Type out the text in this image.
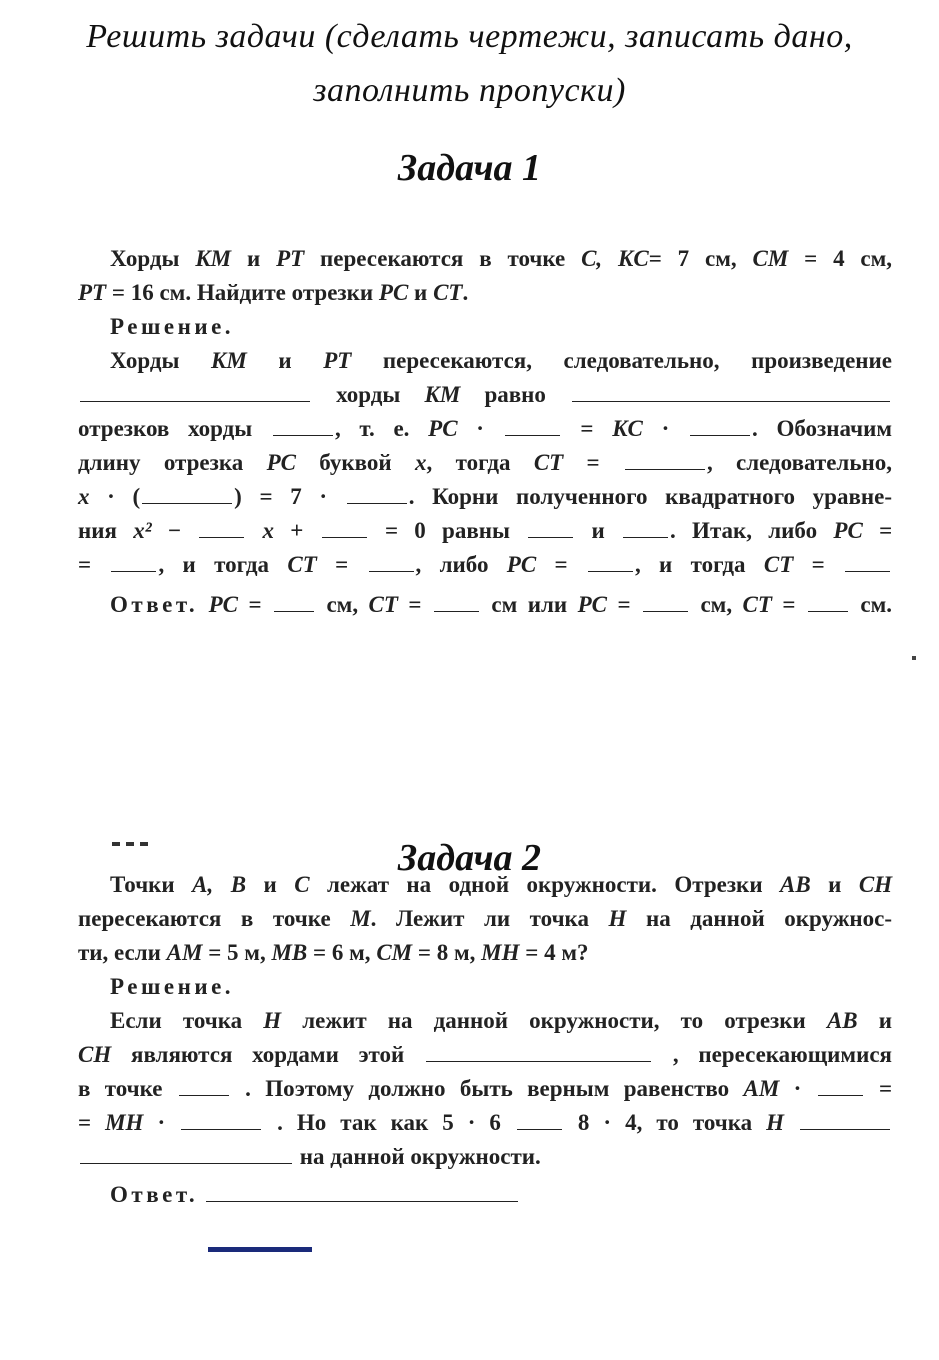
Решить задачи (сделать чертежи, записать дано,
заполнить пропуски)
Задача 1
Хорды KM и PT пересекаются в точке C, KC= 7 см, CM = 4 см,
PT = 16 см. Найдите отрезки PC и CT.
Решение.
Хорды KM и PT пересекаются, следовательно, произведение
хорды KM равно
отрезков хорды	, т. е. PC ·	= KC ·	. Обозначим
длину отрезка PC буквой x, тогда CT =	, следовательно,
x · (	) = 7 ·	. Корни полученного квадратного уравне-
ния x² −	x +	= 0 равны	и	. Итак, либо PC =
=	, и тогда CT =	, либо PC =	, и тогда CT =
Ответ. PC =	см, CT =	см или PC =	см, CT =	см.
Задача 2
Точки A, B и C лежат на одной окружности. Отрезки AB и CH
пересекаются в точке M. Лежит ли точка H на данной окружнос-
ти, если AM = 5 м, MB = 6 м, CM = 8 м, MH = 4 м?
Решение.
Если точка H лежит на данной окружности, то отрезки AB и
CH являются хордами этой	, пересекающимися
в точке	. Поэтому должно быть верным равенство AM ·	=
= MH ·	. Но так как 5 · 6	8 · 4, то точка H
на данной окружности.
Ответ.
